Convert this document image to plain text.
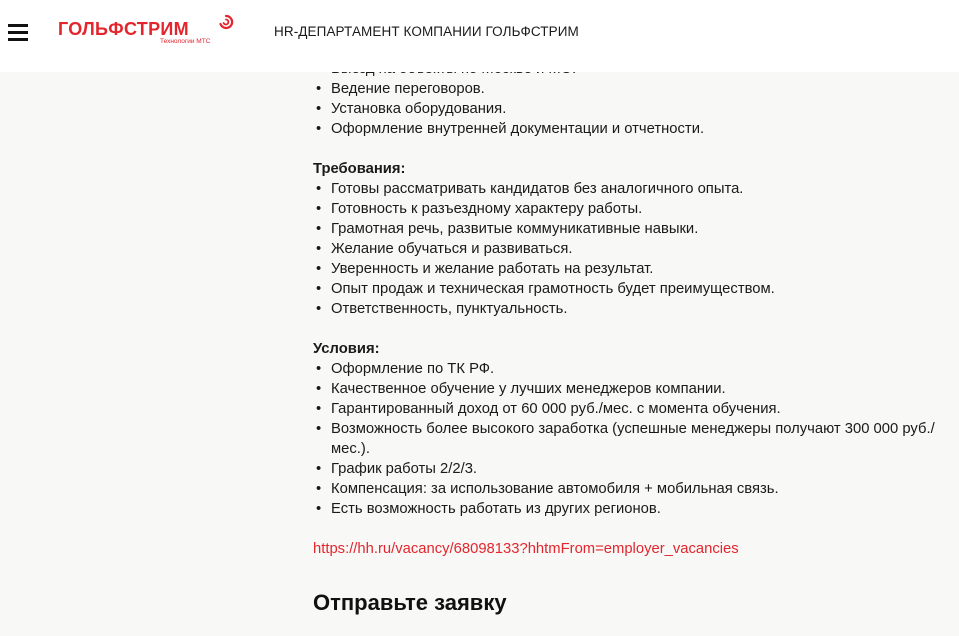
ГОЛЬФСТРИМ
Технологии МТС
HR-ДЕПАРТАМЕНТ КОМПАНИИ ГОЛЬФСТРИМ
•
• Ведение переговоров.
• Установка оборудования.
• Оформление внутренней документации и отчетности.
Требования:
• Готовы рассматривать кандидатов без аналогичного опыта.
• Готовность к разъездному характеру работы.
• Грамотная речь, развитые коммуникативные навыки.
• Желание обучаться и развиваться.
• Уверенность и желание работать на результат.
• Опыт продаж и техническая грамотность будет преимуществом.
• Ответственность, пунктуальность.
Условия:
• Оформление по ТК РФ.
• Качественное обучение у лучших менеджеров компании.
• Гарантированный доход от 60 000 руб./мес. с момента обучения.
• Возможность более высокого заработка (успешные менеджеры получают 300 000 руб./мес.).
• График работы 2/2/3.
• Компенсация: за использование автомобиля + мобильная связь.
• Есть возможность работать из других регионов.
https://hh.ru/vacancy/68098133?hhtmFrom=employer_vacancies
Отправьте заявку
